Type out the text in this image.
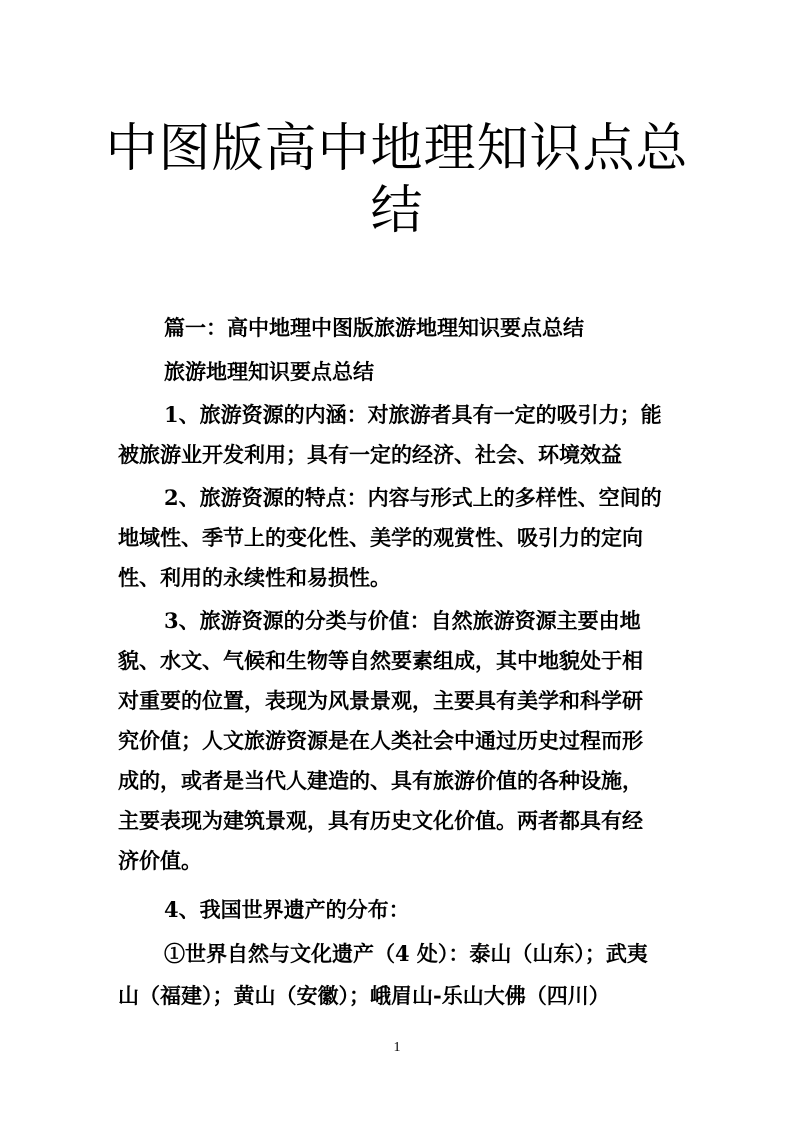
中图版高中地理知识点总
结
篇一：高中地理中图版旅游地理知识要点总结
旅游地理知识要点总结
1、旅游资源的内涵：对旅游者具有一定的吸引力；能
被旅游业开发利用；具有一定的经济、社会、环境效益
2、旅游资源的特点：内容与形式上的多样性、空间的
地域性、季节上的变化性、美学的观赏性、吸引力的定向
性、利用的永续性和易损性。
3、旅游资源的分类与价值：自然旅游资源主要由地
貌、水文、气候和生物等自然要素组成，其中地貌处于相
对重要的位置，表现为风景景观，主要具有美学和科学研
究价值；人文旅游资源是在人类社会中通过历史过程而形
成的，或者是当代人建造的、具有旅游价值的各种设施，
主要表现为建筑景观，具有历史文化价值。两者都具有经
济价值。
4、我国世界遗产的分布：
①世界自然与文化遗产（4 处）：泰山（山东）；武夷
山（福建）；黄山（安徽）；峨眉山-乐山大佛（四川）
1
